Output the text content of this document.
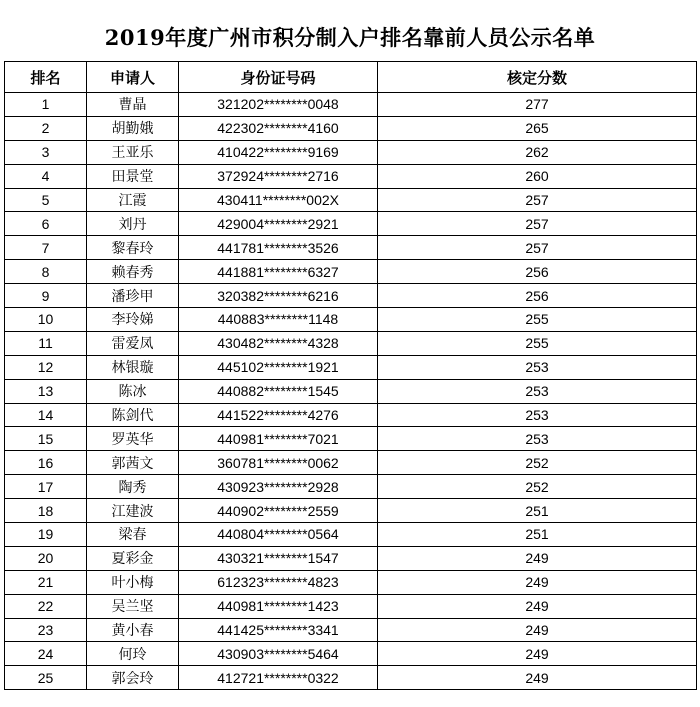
2019年度广州市积分制入户排名靠前人员公示名单
排名	申请人	身份证号码	核定分数
1	曹晶	321202********0048	277
2	胡勤娥	422302********4160	265
3	王亚乐	410422********9169	262
4	田景堂	372924********2716	260
5	江霞	430411********002X	257
6	刘丹	429004********2921	257
7	黎春玲	441781********3526	257
8	赖春秀	441881********6327	256
9	潘珍甲	320382********6216	256
10	李玲娣	440883********1148	255
11	雷爱凤	430482********4328	255
12	林银璇	445102********1921	253
13	陈冰	440882********1545	253
14	陈剑代	441522********4276	253
15	罗英华	440981********7021	253
16	郭茜文	360781********0062	252
17	陶秀	430923********2928	252
18	江建波	440902********2559	251
19	梁春	440804********0564	251
20	夏彩金	430321********1547	249
21	叶小梅	612323********4823	249
22	吴兰坚	440981********1423	249
23	黄小春	441425********3341	249
24	何玲	430903********5464	249
25	郭会玲	412721********0322	249
